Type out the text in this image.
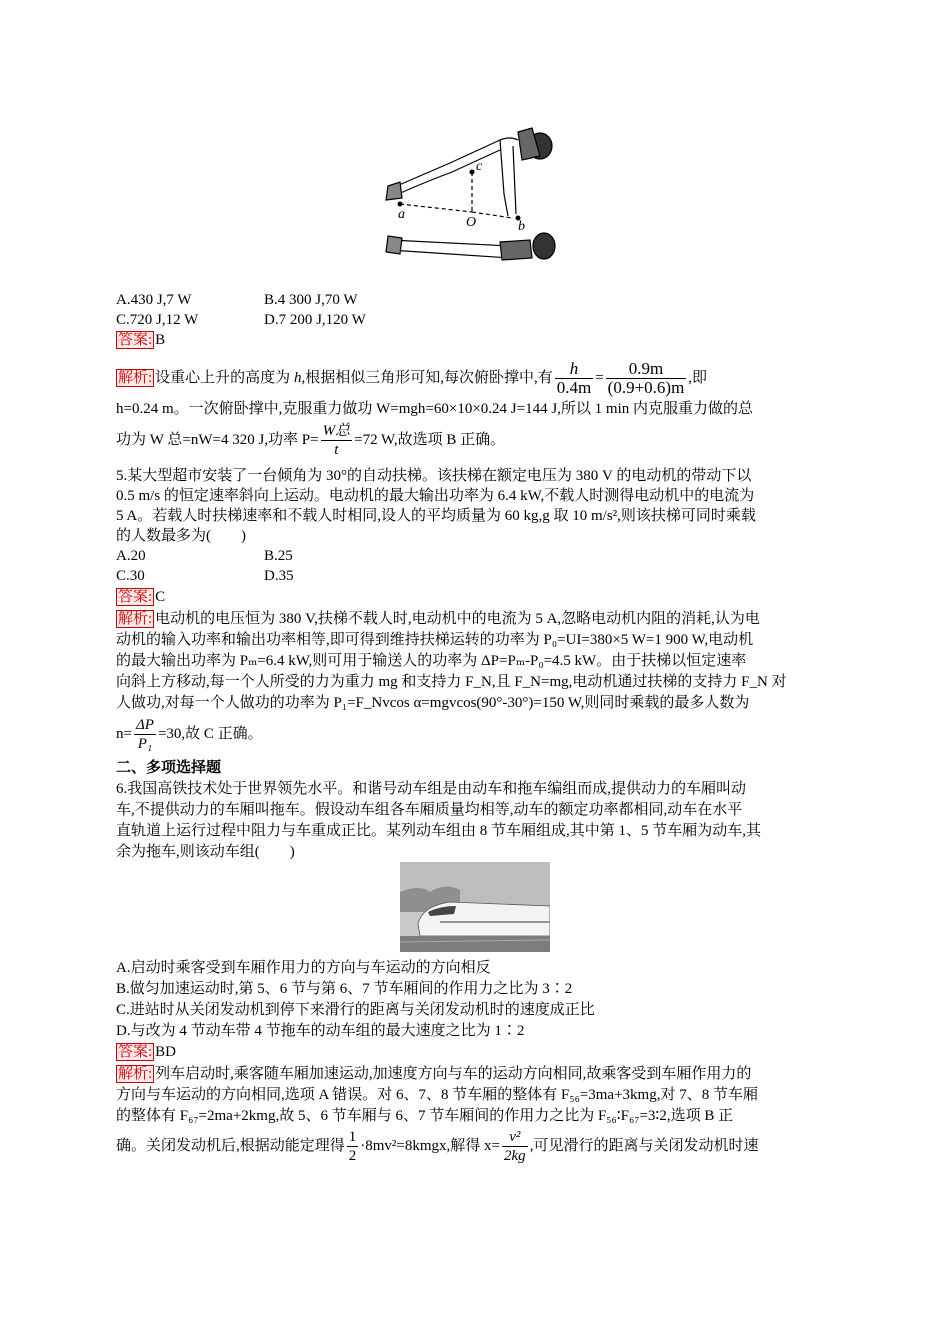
c
a
O	b
A.430 J,7 W	B.4 300 J,70 W
C.720 J,12 W	D.7 200 J,120 W
答案: B
解析: 设重心上升的高度为 h,根据相似三角形可知,每次俯卧撑中,有 $\frac{h}{0.4m} = \frac{0.9m}{(0.9+0.6)m}$ ,即
h=0.24 m。一次俯卧撑中,克服重力做功 W=mgh=60×10×0.24 J=144 J,所以 1 min 内克服重力做的总
功为 W 总=nW=4 320 J,功率 $P= \frac{\text{W总}}{t} =72$ W,故选项 B 正确。
5.某大型超市安装了一台倾角为 30°的自动扶梯。该扶梯在额定电压为 380 V 的电动机的带动下以
0.5 m/s 的恒定速率斜向上运动。电动机的最大输出功率为 6.4 kW,不载人时测得电动机中的电流为
5 A。若载人时扶梯速率和不载人时相同,设人的平均质量为 60 kg,g 取 10 m/s²,则该扶梯可同时乘载
的人数最多为(　　)
A.20	B.25
C.30	D.35
答案: C
解析: 电动机的电压恒为 380 V,扶梯不载人时,电动机中的电流为 5 A,忽略电动机内阻的消耗,认为电
动机的输入功率和输出功率相等,即可得到维持扶梯运转的功率为 P₀=UI=380×5 W=1 900 W,电动机
的最大输出功率为 Pₘ=6.4 kW,则可用于输送人的功率为 ΔP=Pₘ-P₀=4.5 kW。由于扶梯以恒定速率
向斜上方移动,每一个人所受的力为重力 mg 和支持力 F_N,且 F_N=mg,电动机通过扶梯的支持力 F_N 对
人做功,对每一个人做功的功率为 P₁=F_Nvcos α=mgvcos(90°-30°)=150 W,则同时乘载的最多人数为
$n= \frac{\Delta P}{\text{P₁}} =30$,故 C 正确。
二、多项选择题
6.我国高铁技术处于世界领先水平。和谐号动车组是由动车和拖车编组而成,提供动力的车厢叫动
车,不提供动力的车厢叫拖车。假设动车组各车厢质量均相等,动车的额定功率都相同,动车在水平
直轨道上运行过程中阻力与车重成正比。某列动车组由 8 节车厢组成,其中第 1、5 节车厢为动车,其
余为拖车,则该动车组(　　)
A.启动时乘客受到车厢作用力的方向与车运动的方向相反
B.做匀加速运动时,第 5、6 节与第 6、7 节车厢间的作用力之比为 3∶2
C.进站时从关闭发动机到停下来滑行的距离与关闭发动机时的速度成正比
D.与改为 4 节动车带 4 节拖车的动车组的最大速度之比为 1∶2
答案: BD
解析: 列车启动时,乘客随车厢加速运动,加速度方向与车的运动方向相同,故乘客受到车厢作用力的
方向与车运动的方向相同,选项 A 错误。对 6、7、8 节车厢的整体有 F₅₆=3ma+3kmg,对 7、8 节车厢
的整体有 F₆₇=2ma+2kmg,故 5、6 节车厢与 6、7 节车厢间的作用力之比为 F₅₆∶F₆₇=3∶2,选项 B 正
确。关闭发动机后,根据动能定理得 $\frac{1}{2}$ ·8mv²=8kmgx,解得 $x= \frac{\text{v²}}{2kg}$ ,可见滑行的距离与关闭发动机时速
